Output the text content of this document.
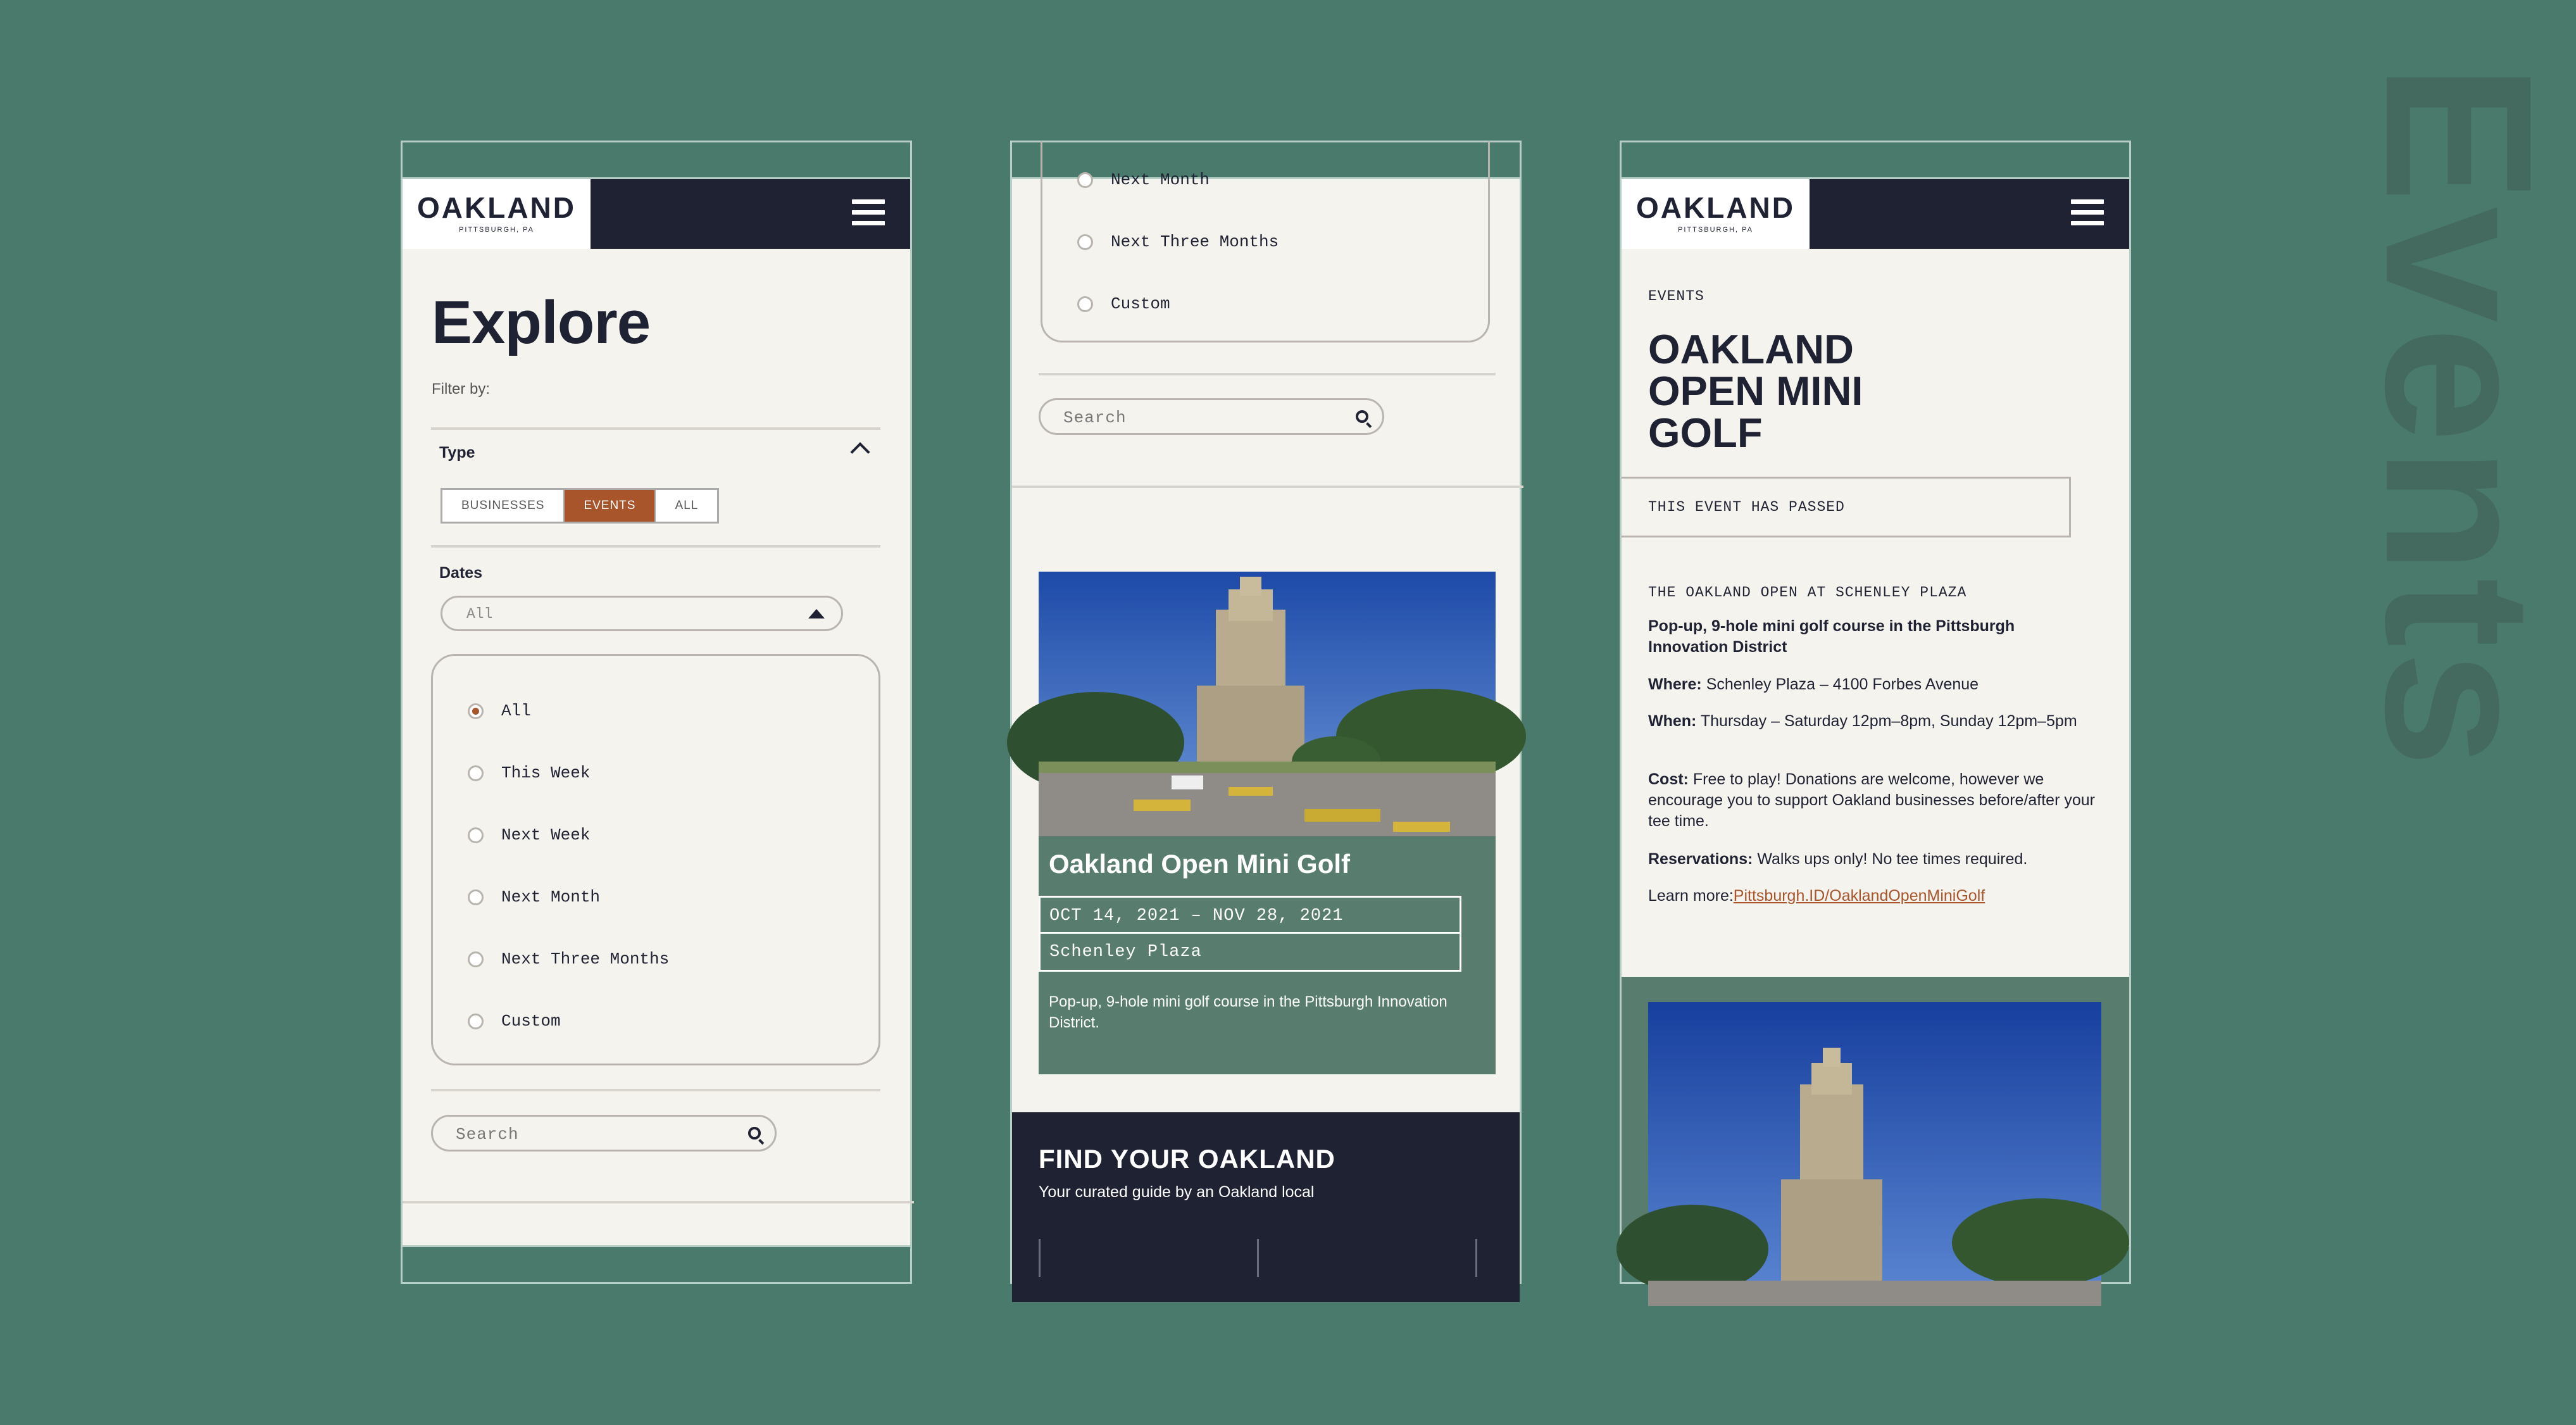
Events
OAKLAND
PITTSBURGH, PA
Explore
Filter by:
Type
BUSINESSES	EVENTS	ALL
Dates
All
All
This Week
Next Week
Next Month
Next Three Months
Custom
Search
Next Month
Next Three Months
Custom
Search
Oakland Open Mini Golf
OCT 14, 2021 – NOV 28, 2021
Schenley Plaza
Pop-up, 9-hole mini golf course in the Pittsburgh Innovation District.
FIND YOUR OAKLAND
Your curated guide by an Oakland local
OAKLAND
PITTSBURGH, PA
EVENTS
OAKLAND OPEN MINI GOLF
THIS EVENT HAS PASSED
THE OAKLAND OPEN AT SCHENLEY PLAZA
Pop-up, 9-hole mini golf course in the Pittsburgh Innovation District
Where: Schenley Plaza – 4100 Forbes Avenue
When: Thursday – Saturday 12pm–8pm, Sunday 12pm–5pm
Cost: Free to play! Donations are welcome, however we encourage you to support Oakland businesses before/after your tee time.
Reservations: Walks ups only! No tee times required.
Learn more:Pittsburgh.ID/OaklandOpenMiniGolf
